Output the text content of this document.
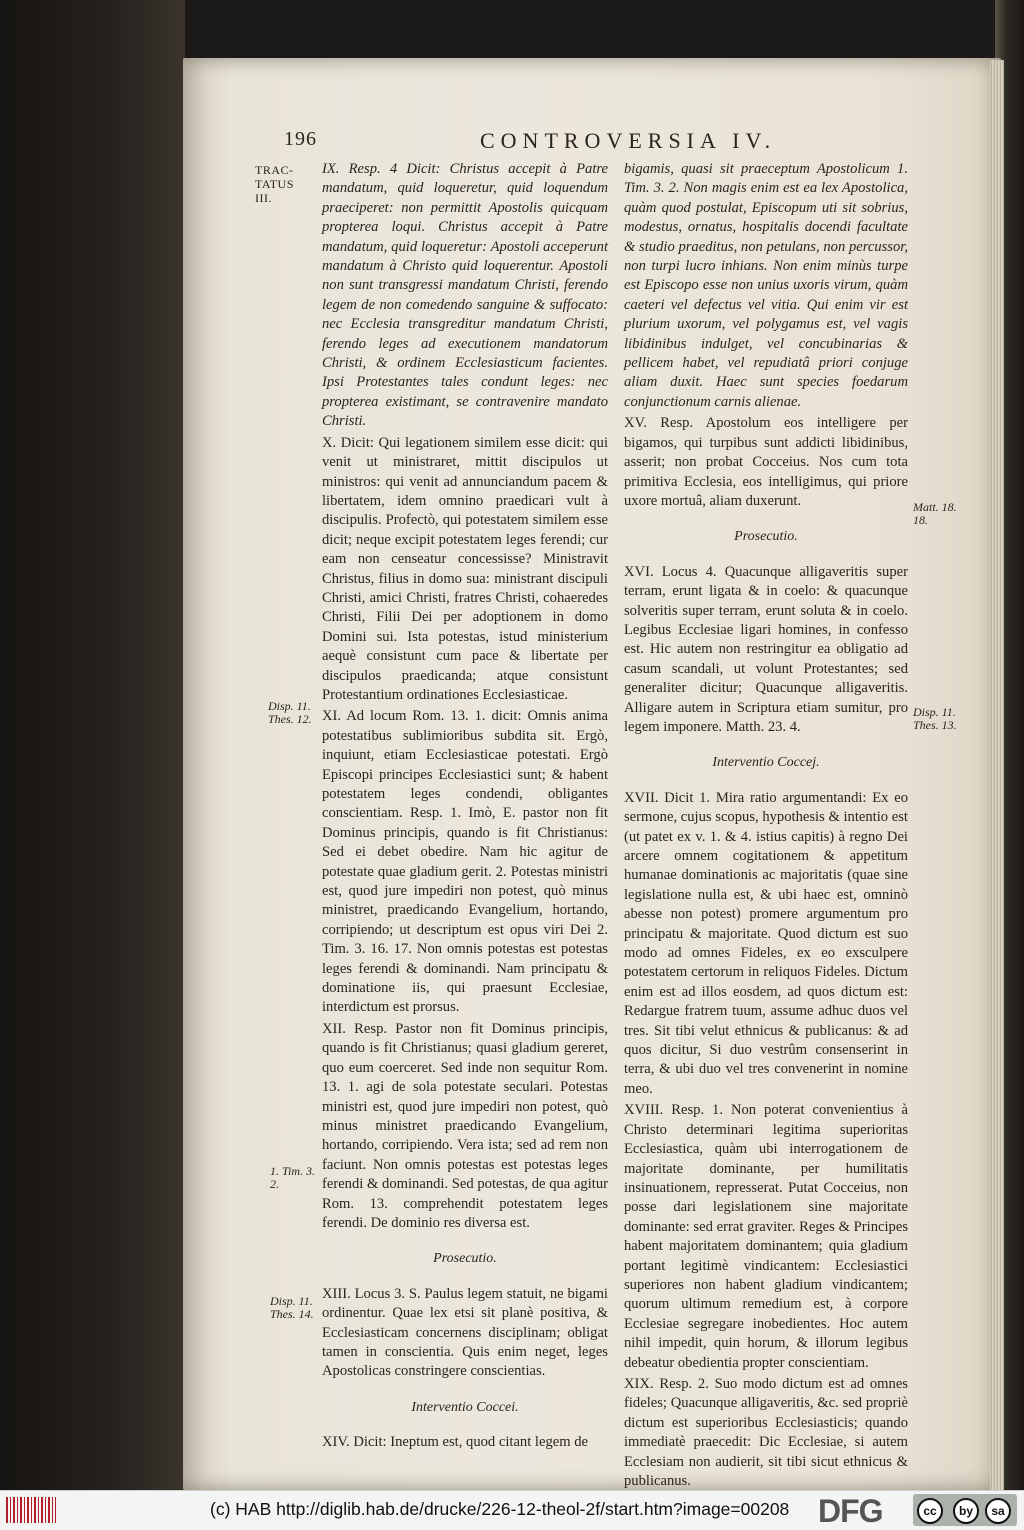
196	CONTROVERSIA IV.
TRAC-
TATUS
III.
Disp. 11.
Thes. 12.
1. Tim. 3.
2.
Disp. 11.
Thes. 14.
Matt. 18.
18.
Disp. 11.
Thes. 13.

IX. Resp. 4 Dicit: Christus accepit à Patre mandatum, quid loqueretur, quid loquendum praeciperet: non permittit Apostolis quicquam propterea loqui. Christus accepit à Patre mandatum, quid loqueretur: Apostoli acceperunt mandatum à Christo quid loquerentur. Apostoli non sunt transgressi mandatum Christi, ferendo legem de non comedendo sanguine & suffocato: nec Ecclesia transgreditur mandatum Christi, ferendo leges ad executionem mandatorum Christi, & ordinem Ecclesiasticum facientes. Ipsi Protestantes tales condunt leges: nec propterea existimant, se contravenire mandato Christi.

X. Dicit: Qui legationem similem esse dicit: qui venit ut ministraret, mittit discipulos ut ministros: qui venit ad annunciandum pacem & libertatem, idem omnino praedicari vult à discipulis. Profectò, qui potestatem similem esse dicit; neque excipit potestatem leges ferendi; cur eam non censeatur concessisse? Ministravit Christus, filius in domo sua: ministrant discipuli Christi, amici Christi, fratres Christi, cohaeredes Christi, Filii Dei per adoptionem in domo Domini sui. Ista potestas, istud ministerium aequè consistunt cum pace & libertate per discipulos praedicanda; atque consistunt Protestantium ordinationes Ecclesiasticae.

XI. Ad locum Rom. 13. 1. dicit: Omnis anima potestatibus sublimioribus subdita sit. Ergò, inquiunt, etiam Ecclesiasticae potestati. Ergò Episcopi principes Ecclesiastici sunt; & habent potestatem leges condendi, obligantes conscientiam. Resp. 1. Imò, E. pastor non fit Dominus principis, quando is fit Christianus: Sed ei debet obedire. Nam hic agitur de potestate quae gladium gerit. 2. Potestas ministri est, quod jure impediri non potest, quò minus ministret, praedicando Evangelium, hortando, corripiendo; ut descriptum est opus viri Dei 2. Tim. 3. 16. 17. Non omnis potestas est potestas leges ferendi & dominandi. Nam principatu & dominatione iis, qui praesunt Ecclesiae, interdictum est prorsus.

XII. Resp. Pastor non fit Dominus principis, quando is fit Christianus; quasi gladium gereret, quo eum coerceret. Sed inde non sequitur Rom. 13. 1. agi de sola potestate seculari. Potestas ministri est, quod jure impediri non potest, quò minus ministret praedicando Evangelium, hortando, corripiendo. Vera ista; sed ad rem non faciunt. Non omnis potestas est potestas leges ferendi & dominandi. Sed potestas, de qua agitur Rom. 13. comprehendit potestatem leges ferendi. De dominio res diversa est.

Prosecutio.

XIII. Locus 3. S. Paulus legem statuit, ne bigami ordinentur. Quae lex etsi sit planè positiva, & Ecclesiasticam concernens disciplinam; obligat tamen in conscientia. Quis enim neget, leges Apostolicas constringere conscientias.

Interventio Coccei.

XIV. Dicit: Ineptum est, quod citant legem de

bigamis, quasi sit praeceptum Apostolicum 1. Tim. 3. 2. Non magis enim est ea lex Apostolica, quàm quod postulat, Episcopum uti sit sobrius, modestus, ornatus, hospitalis docendi facultate & studio praeditus, non petulans, non percussor, non turpi lucro inhians. Non enim minùs turpe est Episcopo esse non unius uxoris virum, quàm caeteri vel defectus vel vitia. Qui enim vir est plurium uxorum, vel polygamus est, vel vagis libidinibus indulget, vel concubinarias & pellicem habet, vel repudiatâ priori conjuge aliam duxit. Haec sunt species foedarum conjunctionum carnis alienae.

XV. Resp. Apostolum eos intelligere per bigamos, qui turpibus sunt addicti libidinibus, asserit; non probat Cocceius. Nos cum tota primitiva Ecclesia, eos intelligimus, qui priore uxore mortuâ, aliam duxerunt.

Prosecutio.

XVI. Locus 4. Quacunque alligaveritis super terram, erunt ligata & in coelo: & quacunque solveritis super terram, erunt soluta & in coelo. Legibus Ecclesiae ligari homines, in confesso est. Hic autem non restringitur ea obligatio ad casum scandali, ut volunt Protestantes; sed generaliter dicitur; Quacunque alligaveritis. Alligare autem in Scriptura etiam sumitur, pro legem imponere. Matth. 23. 4.

Interventio Coccej.

XVII. Dicit 1. Mira ratio argumentandi: Ex eo sermone, cujus scopus, hypothesis & intentio est (ut patet ex v. 1. & 4. istius capitis) à regno Dei arcere omnem cogitationem & appetitum humanae dominationis ac majoritatis (quae sine legislatione nulla est, & ubi haec est, omninò abesse non potest) promere argumentum pro principatu & majoritate. Quod dictum est suo modo ad omnes Fideles, ex eo exsculpere potestatem certorum in reliquos Fideles. Dictum enim est ad illos eosdem, ad quos dictum est: Redargue fratrem tuum, assume adhuc duos vel tres. Sit tibi velut ethnicus & publicanus: & ad quos dicitur, Si duo vestrûm consenserint in terra, & ubi duo vel tres convenerint in nomine meo.

XVIII. Resp. 1. Non poterat convenientius à Christo determinari legitima superioritas Ecclesiastica, quàm ubi interrogationem de majoritate dominante, per humilitatis insinuationem, represserat. Putat Cocceius, non posse dari legislationem sine majoritate dominante: sed errat graviter. Reges & Principes habent majoritatem dominantem; quia gladium portant legitimè vindicantem: Ecclesiastici superiores non habent gladium vindicantem; quorum ultimum remedium est, à corpore Ecclesiae segregare inobedientes. Hoc autem nihil impedit, quin horum, & illorum legibus debeatur obedientia propter conscientiam.

XIX. Resp. 2. Suo modo dictum est ad omnes fideles; Quacunque alligaveritis, &c. sed propriè dictum est superioribus Ecclesiasticis; quando immediatè praecedit: Dic Ecclesiae, si autem Ecclesiam non audierit, sit tibi sicut ethnicus & publicanus.

(c) HAB http://diglib.hab.de/drucke/226-12-theol-2f/start.htm?image=00208 DFG	cc	by	sa
